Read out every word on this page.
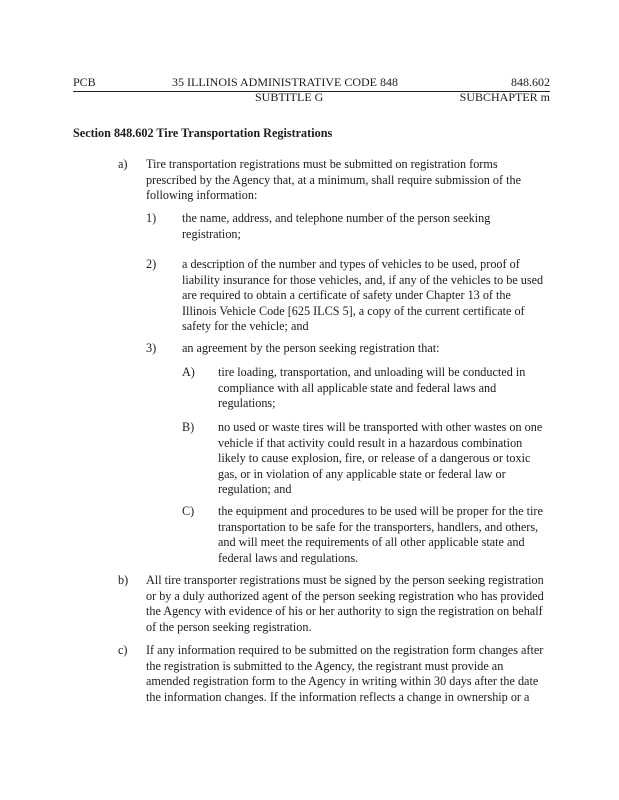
PCB	35 ILLINOIS ADMINISTRATIVE CODE 848	848.602
SUBTITLE G	SUBCHAPTER m
Section 848.602 Tire Transportation Registrations
a) Tire transportation registrations must be submitted on registration forms prescribed by the Agency that, at a minimum, shall require submission of the following information:
1) the name, address, and telephone number of the person seeking registration;
2) a description of the number and types of vehicles to be used, proof of liability insurance for those vehicles, and, if any of the vehicles to be used are required to obtain a certificate of safety under Chapter 13 of the Illinois Vehicle Code [625 ILCS 5], a copy of the current certificate of safety for the vehicle; and
3) an agreement by the person seeking registration that:
A) tire loading, transportation, and unloading will be conducted in compliance with all applicable state and federal laws and regulations;
B) no used or waste tires will be transported with other wastes on one vehicle if that activity could result in a hazardous combination likely to cause explosion, fire, or release of a dangerous or toxic gas, or in violation of any applicable state or federal law or regulation; and
C) the equipment and procedures to be used will be proper for the tire transportation to be safe for the transporters, handlers, and others, and will meet the requirements of all other applicable state and federal laws and regulations.
b) All tire transporter registrations must be signed by the person seeking registration or by a duly authorized agent of the person seeking registration who has provided the Agency with evidence of his or her authority to sign the registration on behalf of the person seeking registration.
c) If any information required to be submitted on the registration form changes after the registration is submitted to the Agency, the registrant must provide an amended registration form to the Agency in writing within 30 days after the date the information changes. If the information reflects a change in ownership or a
